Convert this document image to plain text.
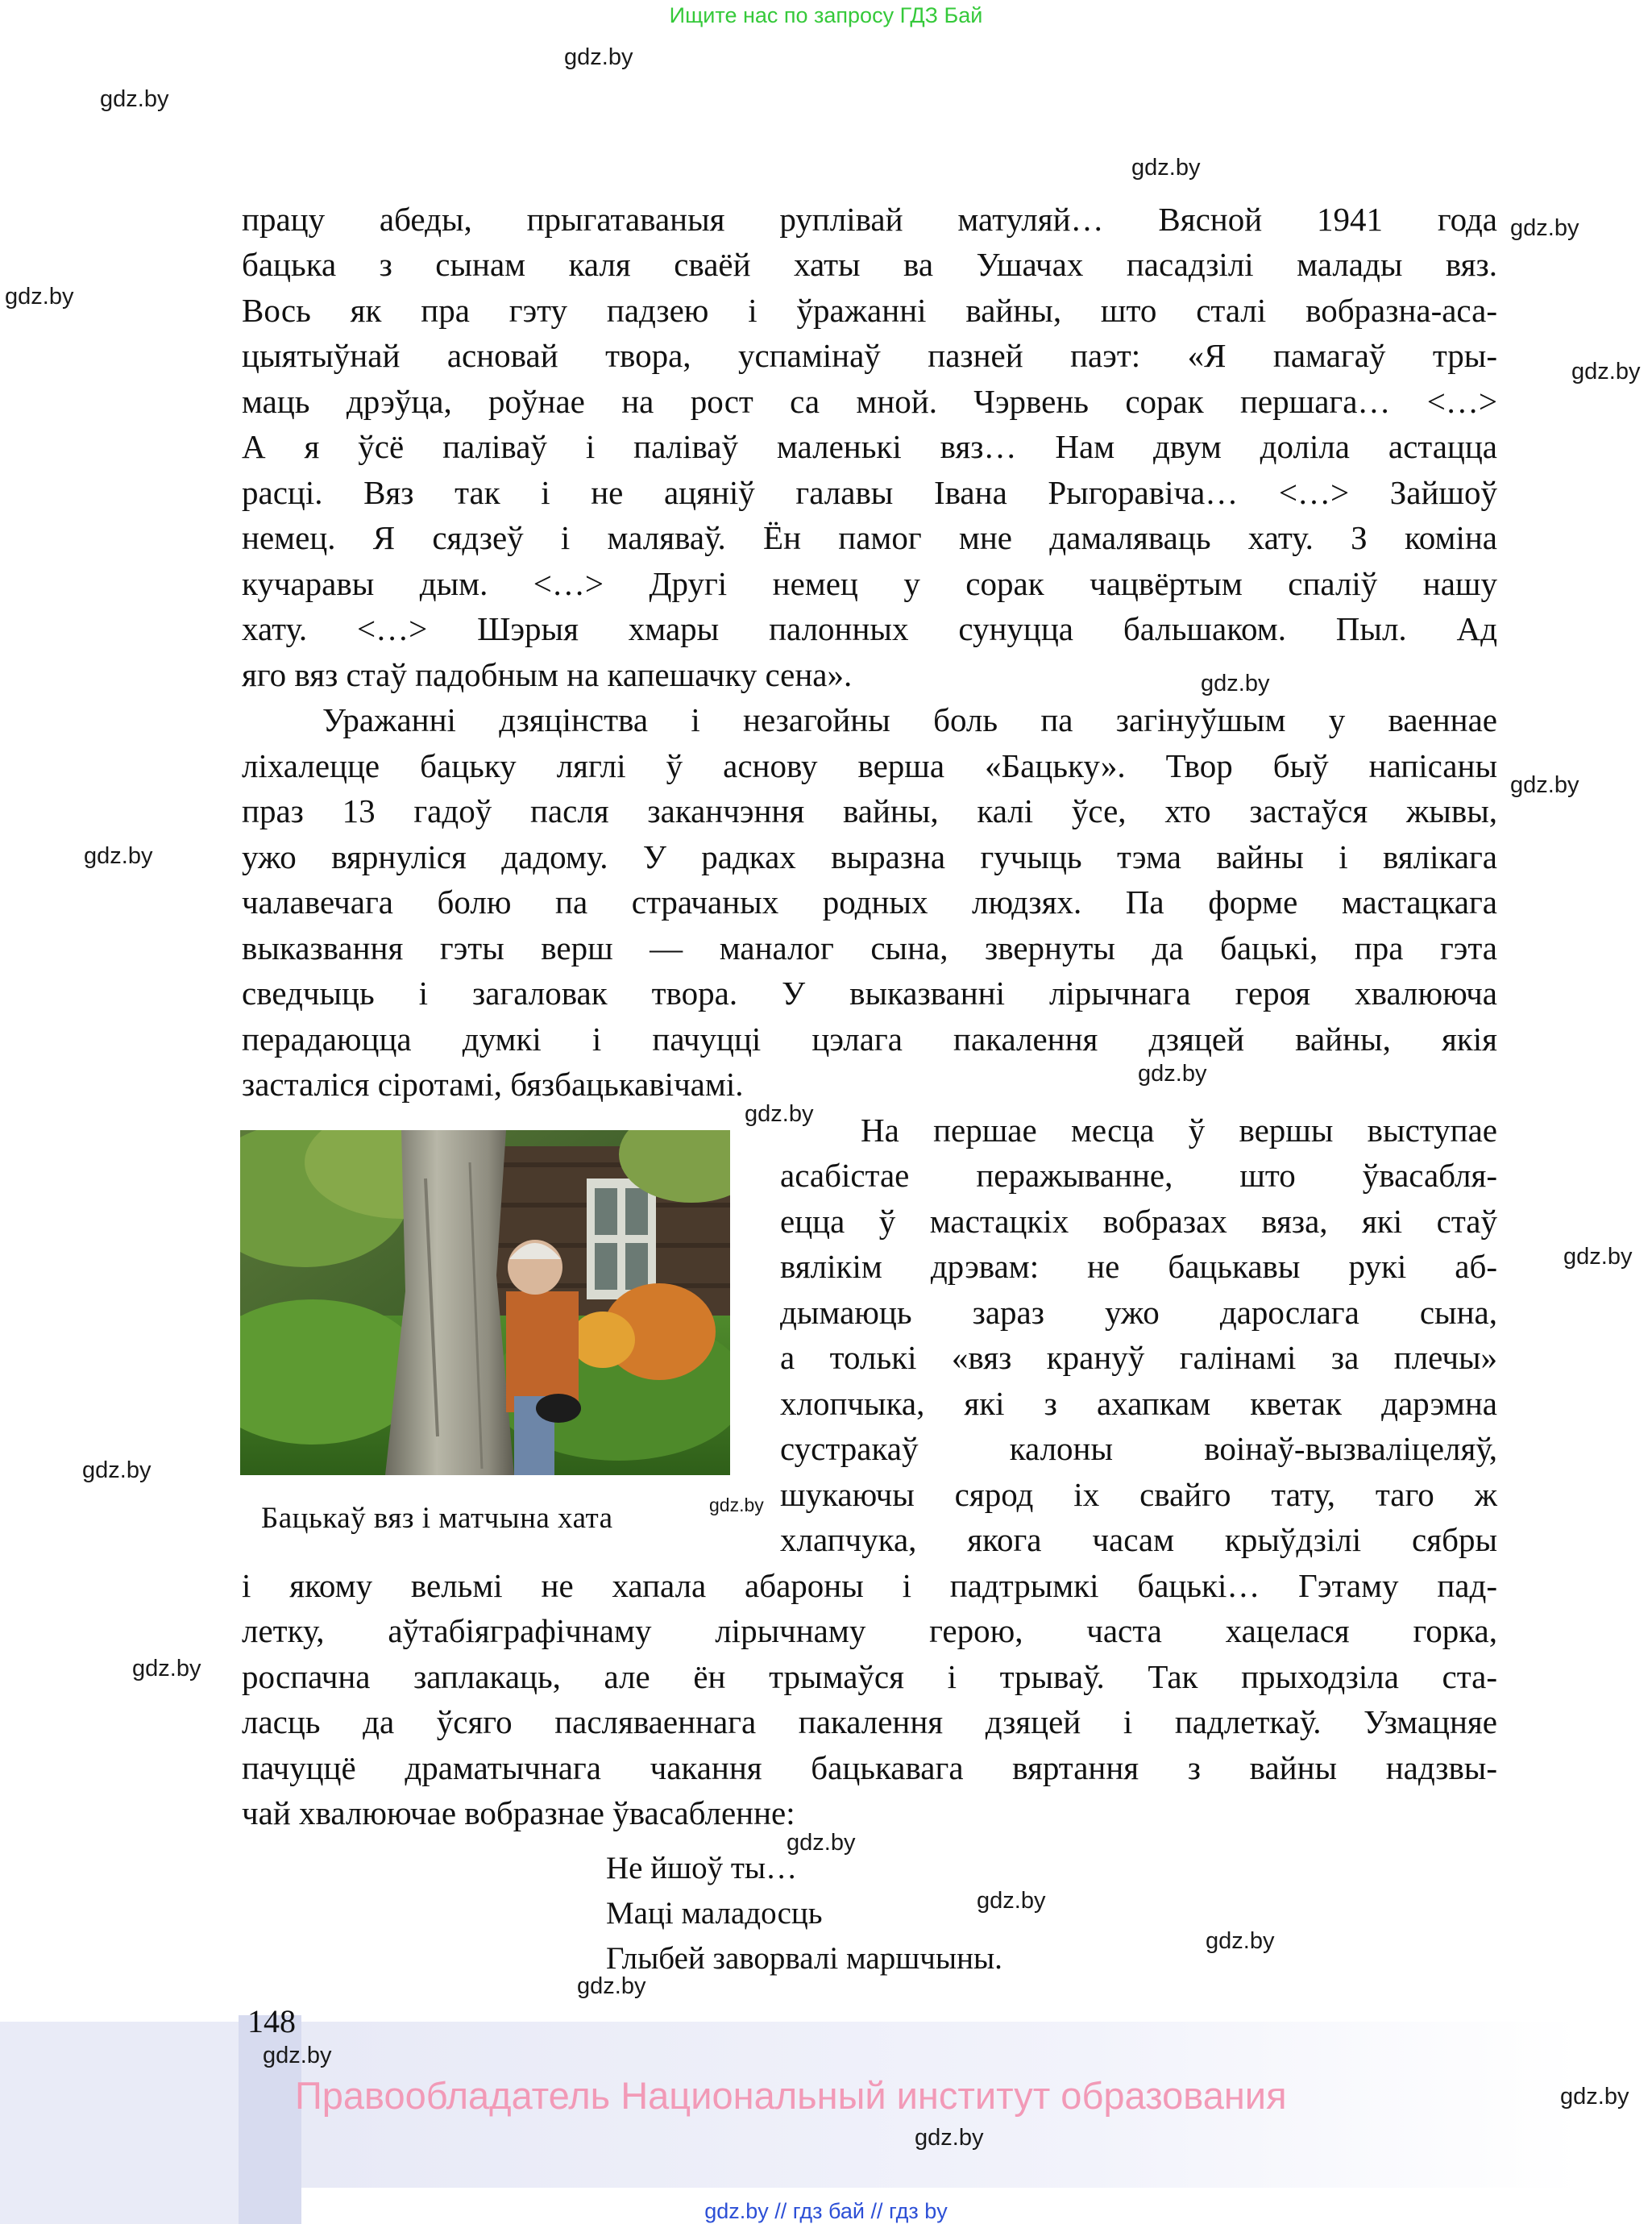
Ищите нас по запросу ГДЗ Бай
gdz.by
gdz.by
gdz.by
gdz.by
gdz.by
gdz.by
gdz.by
gdz.by
gdz.by
gdz.by
gdz.by
gdz.by
gdz.by
gdz.by
gdz.by
gdz.by
gdz.by
gdz.by
gdz.by

працу абеды, прыгатаваныя руплівай матуляй… Вясной 1941 года

бацька з сынам каля сваёй хаты ва Ушачах пасадзілі малады вяз.

Вось як пра гэту падзею і ўражанні вайны, што сталі вобразна-аса-

цыятыўнай асновай твора, успамінаў пазней паэт: «Я памагаў тры-

маць дрэўца, роўнае на рост са мной. Чэрвень сорак першага… <…>

А я ўсё паліваў і паліваў маленькі вяз… Нам двум доліла астацца

расці. Вяз так і не ацяніў галавы Івана Рыгоравіча… <…> Зайшоў

немец. Я сядзеў і маляваў. Ён памог мне дамаляваць хату. З коміна

кучаравы дым. <…> Другі немец у сорак чацвёртым спаліў нашу

хату. <…> Шэрыя хмары палонных сунуцца бальшаком. Пыл. Ад

яго вяз стаў падобным на капешачку сена».

Уражанні дзяцінства і незагойны боль па загінуўшым у ваеннае

ліхалецце бацьку ляглі ў аснову верша «Бацьку». Твор быў напісаны

праз 13 гадоў пасля заканчэння вайны, калі ўсе, хто застаўся жывы,

ужо вярнуліся дадому. У радках выразна гучыць тэма вайны і вялікага

чалавечага болю па страчаных родных людзях. Па форме мастацкага

выказвання гэты верш — маналог сына, звернуты да бацькі, пра гэта

сведчыць і загаловак твора. У выказванні лірычнага героя хвалююча

перадаюцца думкі і пачуцці цэлага пакалення дзяцей вайны, якія

засталіся сіротамі, бязбацькавічамі.

Бацькаў вяз і матчына хата

На першае месца ў вершы выступае

асабістае перажыванне, што ўвасабля-

ецца ў мастацкіх вобразах вяза, які стаў

вялікім дрэвам: не бацькавы рукі аб-

дымаюць зараз ужо дарослага сына,

а толькі «вяз крануў галінамі за плечы»

хлопчыка, які з ахапкам кветак дарэмна

сустракаў калоны воінаў-вызваліцеляў,

шукаючы сярод іх свайго тату, таго ж

хлапчука, якога часам крыўдзілі сябры

і якому вельмі не хапала абароны і падтрымкі бацькі… Гэтаму пад-

летку, аўтабіяграфічнаму лірычнаму герою, часта хацелася горка,

роспачна заплакаць, але ён трымаўся і трываў. Так прыходзіла ста-

ласць да ўсяго пасляваеннага пакалення дзяцей і падлеткаў. Узмацняе

пачуццё драматычнага чакання бацькавага вяртання з вайны надзвы-

чай хвалюючае вобразнае ўвасабленне:

Не йшоў ты…
Маці маладосць
Глыбей заворвалі маршчыны.
148
gdz.by
Правообладатель Национальный институт образования
gdz.by
gdz.by
gdz.by // гдз бай // гдз by
